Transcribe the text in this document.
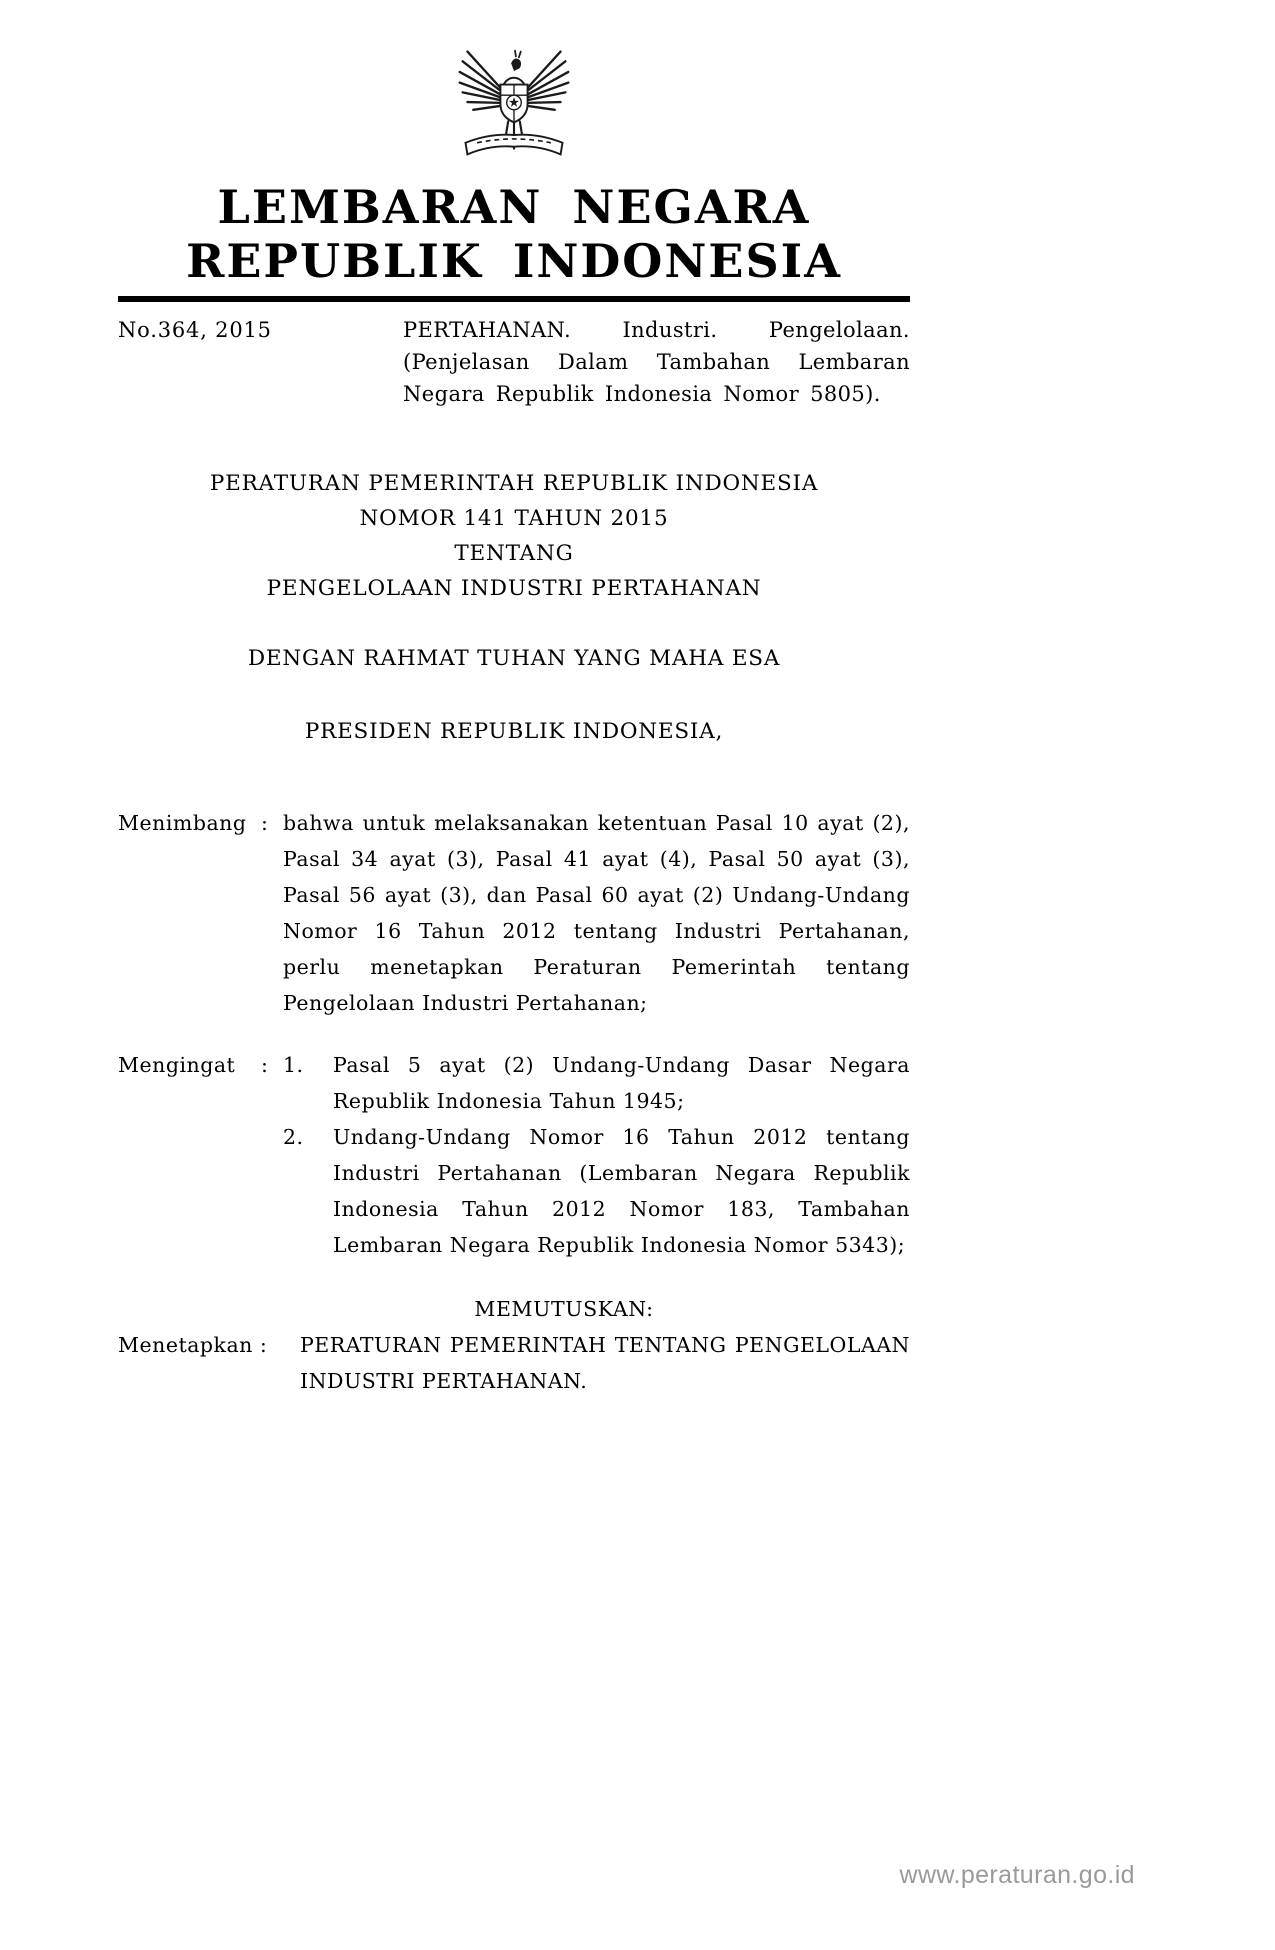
LEMBARAN NEGARA
REPUBLIK INDONESIA
No.364, 2015	PERTAHANAN. Industri. Pengelolaan. (Penjelasan Dalam Tambahan Lembaran Negara Republik Indonesia Nomor 5805).
PERATURAN PEMERINTAH REPUBLIK INDONESIA
NOMOR 141 TAHUN 2015
TENTANG
PENGELOLAAN INDUSTRI PERTAHANAN
DENGAN RAHMAT TUHAN YANG MAHA ESA
PRESIDEN REPUBLIK INDONESIA,
Menimbang : bahwa untuk melaksanakan ketentuan Pasal 10 ayat (2), Pasal 34 ayat (3), Pasal 41 ayat (4), Pasal 50 ayat (3), Pasal 56 ayat (3), dan Pasal 60 ayat (2) Undang-Undang Nomor 16 Tahun 2012 tentang Industri Pertahanan, perlu menetapkan Peraturan Pemerintah tentang Pengelolaan Industri Pertahanan;
Mengingat	: 1.	Pasal 5 ayat (2) Undang-Undang Dasar Negara Republik Indonesia Tahun 1945;
2.	Undang-Undang Nomor 16 Tahun 2012 tentang Industri Pertahanan (Lembaran Negara Republik Indonesia Tahun 2012 Nomor 183, Tambahan Lembaran Negara Republik Indonesia Nomor 5343);
MEMUTUSKAN:
Menetapkan :	PERATURAN PEMERINTAH TENTANG PENGELOLAAN INDUSTRI PERTAHANAN.
www.peraturan.go.id
